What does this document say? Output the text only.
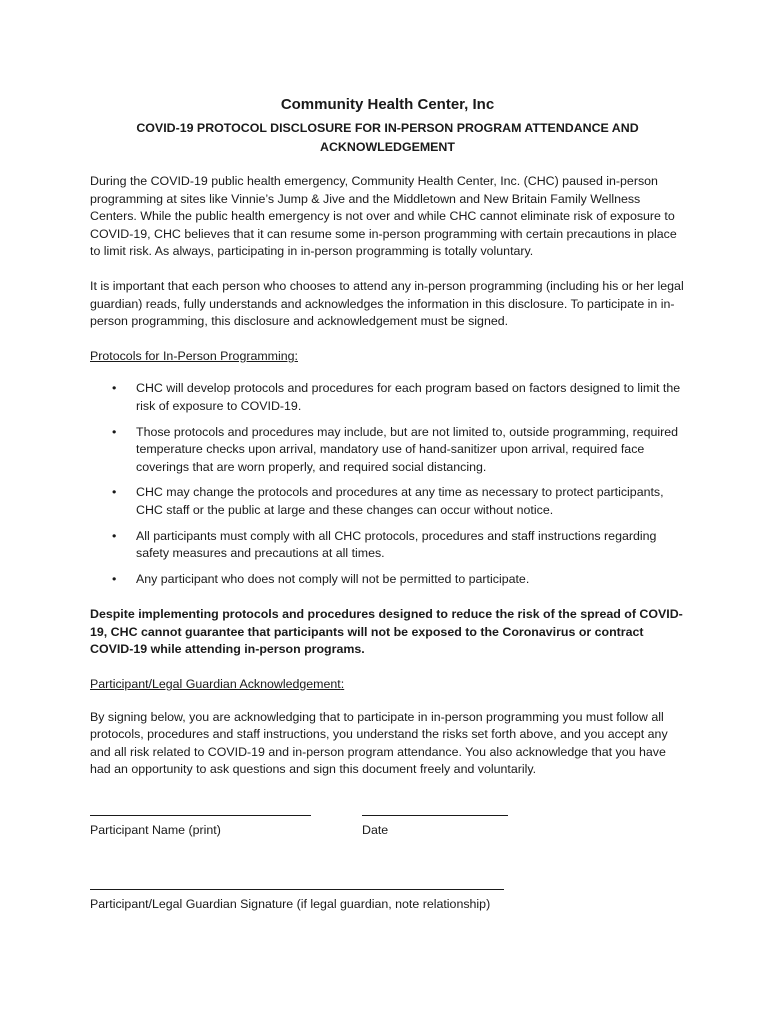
Community Health Center, Inc
COVID-19 PROTOCOL DISCLOSURE FOR IN-PERSON PROGRAM ATTENDANCE AND ACKNOWLEDGEMENT

During the COVID-19 public health emergency, Community Health Center, Inc. (CHC) paused in-person programming at sites like Vinnie’s Jump & Jive and the Middletown and New Britain Family Wellness Centers. While the public health emergency is not over and while CHC cannot eliminate risk of exposure to COVID-19, CHC believes that it can resume some in-person programming with certain precautions in place to limit risk. As always, participating in in-person programming is totally voluntary.

It is important that each person who chooses to attend any in-person programming (including his or her legal guardian) reads, fully understands and acknowledges the information in this disclosure. To participate in in-person programming, this disclosure and acknowledgement must be signed.

Protocols for In-Person Programming:
• CHC will develop protocols and procedures for each program based on factors designed to limit the risk of exposure to COVID-19.
• Those protocols and procedures may include, but are not limited to, outside programming, required temperature checks upon arrival, mandatory use of hand-sanitizer upon arrival, required face coverings that are worn properly, and required social distancing.
• CHC may change the protocols and procedures at any time as necessary to protect participants, CHC staff or the public at large and these changes can occur without notice.
• All participants must comply with all CHC protocols, procedures and staff instructions regarding safety measures and precautions at all times.
• Any participant who does not comply will not be permitted to participate.

Despite implementing protocols and procedures designed to reduce the risk of the spread of COVID-19, CHC cannot guarantee that participants will not be exposed to the Coronavirus or contract COVID-19 while attending in-person programs.

Participant/Legal Guardian Acknowledgement:

By signing below, you are acknowledging that to participate in in-person programming you must follow all protocols, procedures and staff instructions, you understand the risks set forth above, and you accept any and all risk related to COVID-19 and in-person program attendance. You also acknowledge that you have had an opportunity to ask questions and sign this document freely and voluntarily.

Participant Name (print)	Date
Participant/Legal Guardian Signature (if legal guardian, note relationship)
